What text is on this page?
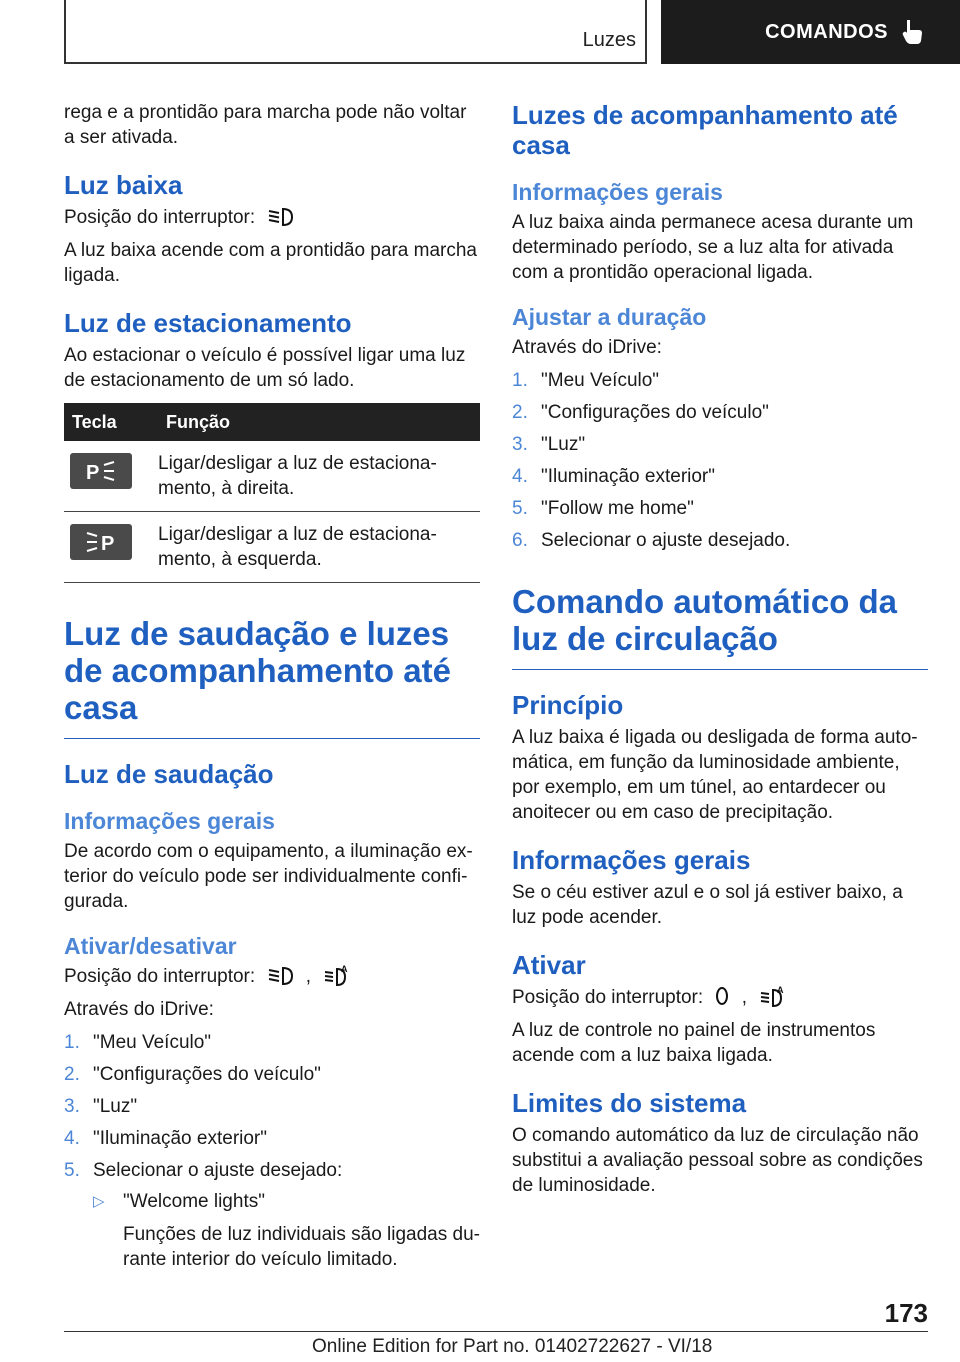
Luzes	COMANDOS

rega e a prontidão para marcha pode não voltar a ser ativada.

Luz baixa

Posição do interruptor:

A luz baixa acende com a prontidão para marcha ligada.

Luz de estacionamento

Ao estacionar o veículo é possível ligar uma luz de estacionamento de um só lado.

Tecla	Função

P	Ligar/desligar a luz de estaciona-mento, à direita.

P	Ligar/desligar a luz de estaciona-mento, à esquerda.
Luz de saudação e luzes de acompanhamento até casa
Luz de saudação
Informações gerais

De acordo com o equipamento, a iluminação ex-terior do veículo pode ser individualmente confi-gurada.

Ativar/desativar

Posição do interruptor:	,	A

Através do iDrive:

1. "Meu Veículo"
2. "Configurações do veículo"
3. "Luz"
4. "Iluminação exterior"
5. Selecionar o ajuste desejado:
▷ "Welcome lights"
Funções de luz individuais são ligadas du-rante interior do veículo limitado.
Luzes de acompanhamento até casa
Informações gerais

A luz baixa ainda permanece acesa durante um determinado período, se a luz alta for ativada com a prontidão operacional ligada.

Ajustar a duração

Através do iDrive:

1. "Meu Veículo"
2. "Configurações do veículo"
3. "Luz"
4. "Iluminação exterior"
5. "Follow me home"
6. Selecionar o ajuste desejado.
Comando automático da luz de circulação
Princípio

A luz baixa é ligada ou desligada de forma auto-mática, em função da luminosidade ambiente, por exemplo, em um túnel, ao entardecer ou anoitecer ou em caso de precipitação.

Informações gerais

Se o céu estiver azul e o sol já estiver baixo, a luz pode acender.

Ativar

Posição do interruptor: ,	A

A luz de controle no painel de instrumentos acende com a luz baixa ligada.

Limites do sistema

O comando automático da luz de circulação não substitui a avaliação pessoal sobre as condições de luminosidade.

173
Online Edition for Part no. 01402722627 - VI/18
